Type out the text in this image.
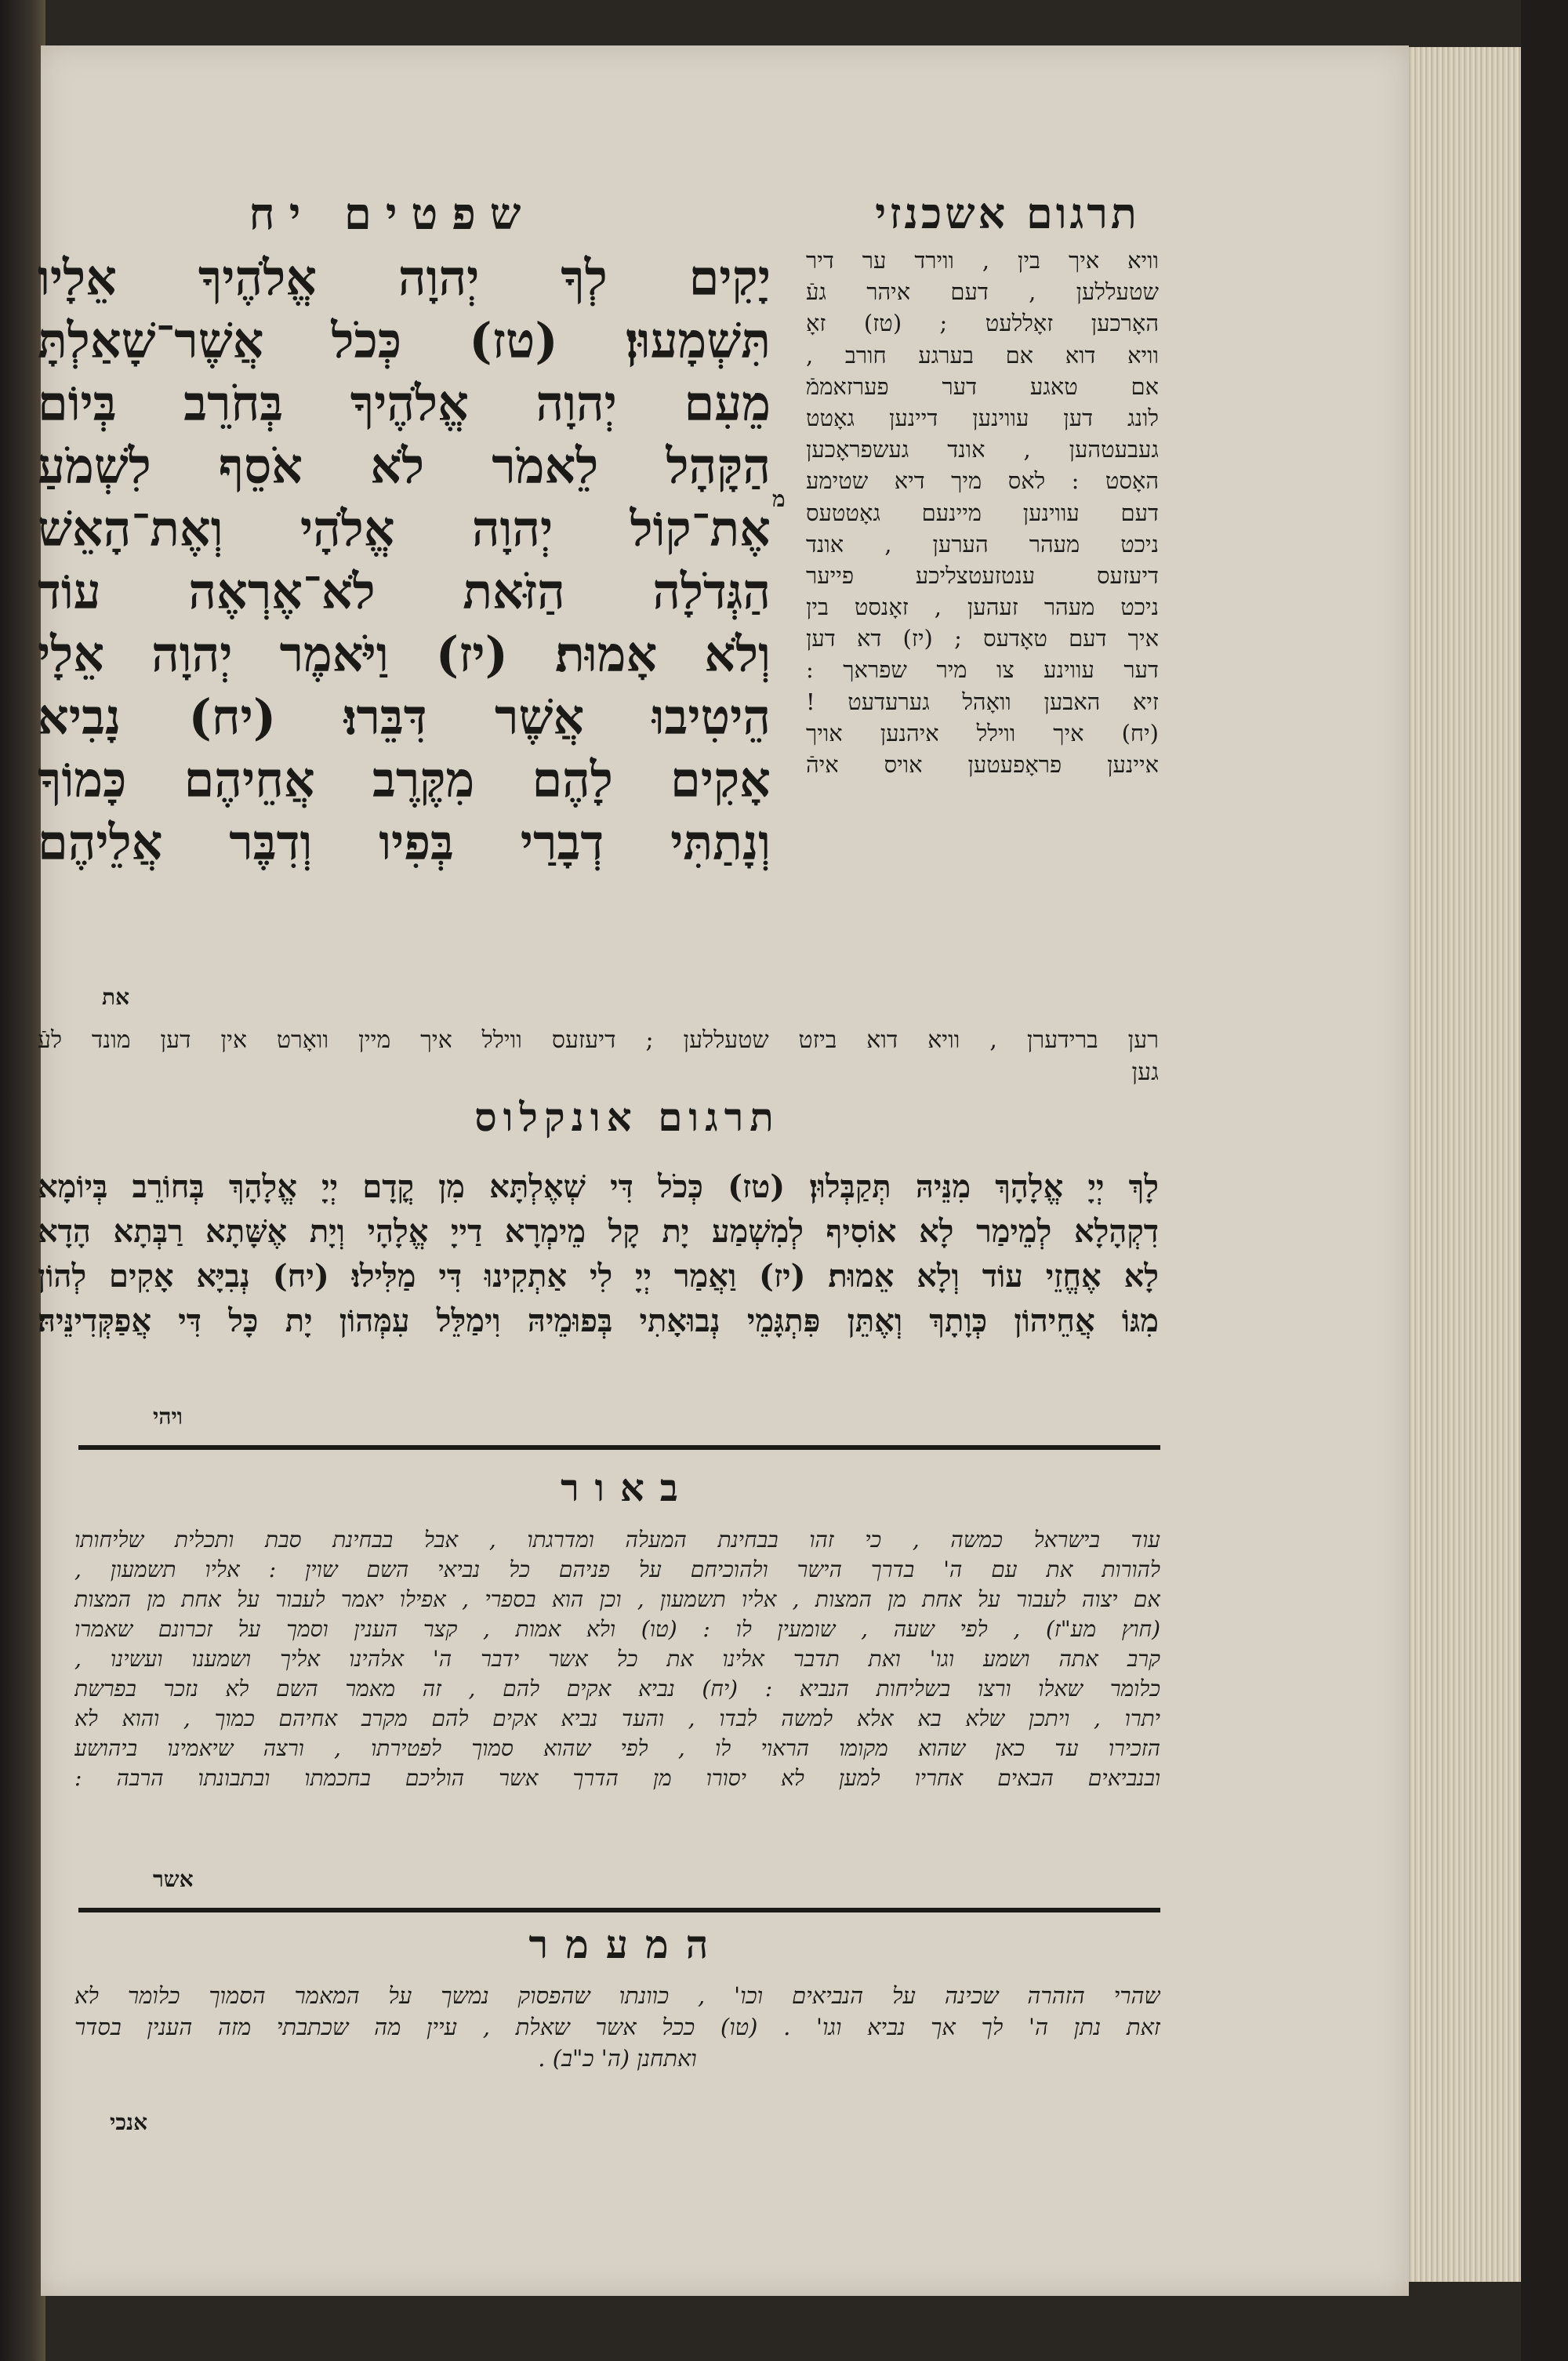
תרגום אשכנזי
שפטים יח
יָקִים לְךָ יְהוָה אֱלֹהֶיךָ אֵלָיו
תִּשְׁמָעוּן׃ (טז) כְּכֹל אֲשֶׁר־שָׁאַלְתָּ
מֵעִם יְהוָה אֱלֹהֶיךָ בְּחֹרֵב בְּיוֹם
הַקָּהָל לֵאמֹר לֹא אֹסֵף לִשְׁמֹעַ
אֶת־קוֹל יְהוָה אֱלֹהָי וְאֶת־הָאֵשׁ
הַגְּדֹלָה הַזֹּאת לֹא־אֶרְאֶה עוֹד
וְלֹא אָמוּת׃ (יז) וַיֹּאמֶר יְהוָה אֵלָי
הֵיטִיבוּ אֲשֶׁר דִּבֵּרוּ׃ (יח) נָבִיא
אָקִים לָהֶם מִקֶּרֶב אֲחֵיהֶם כָּמוֹךָ
וְנָתַתִּי דְבָרַי בְּפִיו וְדִבֶּר אֲלֵיהֶם
את
וויא איך בין , ווירד ער דיר
שטעללען , דעם איהר געֿ
האָרכען זאָללעט ; (טז) זאָ
וויא דוא אם בערגע חורב ,
אם טאגע דער פערזאממֿ
לונג דען עווינען דיינען גאָטט
געבעטהען , אונד געשפראָכען
האָסט : לאס מיך דיא שטימע
דעם עווינען מיינעם גאָטטעס
ניכט מעהר הערען , אונד
דיעזעס ענטזעטצליכע פייער
ניכט מעהר זעהען , זאָנסט בין
איך דעם טאָדעס ; (יז) דא דען
דער עווינע צו מיר שפראך :
זיא האבען וואָהל גערעדעט !
(יח) איך ווילל איהנען אויך
איינען פראָפעטען אויס איהֿ
מ
רען ברידערן , וויא דוא ביזט שטעללען ; דיעזעס ווילל איך מיין וואָרט אין דען מונד לעֿ
גען
תרגום אונקלוס
לָךְ יְיָ אֱלָהָךְ מִנֵּיהּ תְּקַבְּלוּן׃ (טז) כְּכֹל דִּי שְׁאֶלְתָּא מִן קֳדָם יְיָ אֱלָהָךְ בְּחוֹרֵב בְּיוֹמָא
דִקְהָלָא לְמֵימַר לָא אוֹסִיף לְמִשְׁמַע יָת קָל מֵימְרָא דַייָ אֱלָהָי וְיָת אֶשָּׁתָא רַבְּתָא הָדָא
לָא אֶחֱזֵי עוֹד וְלָא אֵמוּת׃ (יז) וַאֲמַר יְיָ לִי אַתְקִינוּ דִּי מַלִּילוּ׃ (יח) נְבִיָּא אָקִים לְהוֹן
מִגּוֹ אֲחֵיהוֹן כְּוָתָךְ וְאֶתֵּן פִּתְגָּמֵי נְבוּאָתִי בְּפוּמֵיהּ וִימַלֵּל עִמְּהוֹן יָת כָּל דִּי אֲפַקְּדִינֵּיהּ׃
ויהי
באור
עוד בישראל כמשה , כי זהו בבחינת המעלה ומדרגתו , אבל בבחינת סבת ותכלית שליחותו
להורות את עם ה' בדרך הישר ולהוכיחם על פניהם כל נביאי השם שוין : אליו תשמעון ,
אם יצוה לעבור על אחת מן המצות , אליו תשמעון , וכן הוא בספרי , אפילו יאמר לעבור על אחת מן המצות
(חוץ מע"ז) , לפי שעה , שומעין לו : (טו) ולא אמות , קצר הענין וסמך על זכרונם שאמרו
קרב אתה ושמע וגו' ואת תדבר אלינו את כל אשר ידבר ה' אלהינו אליך ושמענו ועשינו ,
כלומר שאלו ורצו בשליחות הנביא : (יח) נביא אקים להם , זה מאמר השם לא נזכר בפרשת
יתרו , ויתכן שלא בא אלא למשה לבדו , והעד נביא אקים להם מקרב אחיהם כמוך , והוא לא
הזכירו עד כאן שהוא מקומו הראוי לו , לפי שהוא סמוך לפטירתו , ורצה שיאמינו ביהושע
ובנביאים הבאים אחריו למען לא יסורו מן הדרך אשר הוליכם בחכמתו ובתבונתו הרבה :
אשר
המעמר
שהרי הזהרה שכינה על הנביאים וכו' , כוונתו שהפסוק נמשך על המאמר הסמוך כלומר לא
זאת נתן ה' לך אך נביא וגו' . (טו) ככל אשר שאלת , עיין מה שכתבתי מזה הענין בסדר
ואתחנן (ה' כ"ב) .
אנכי
